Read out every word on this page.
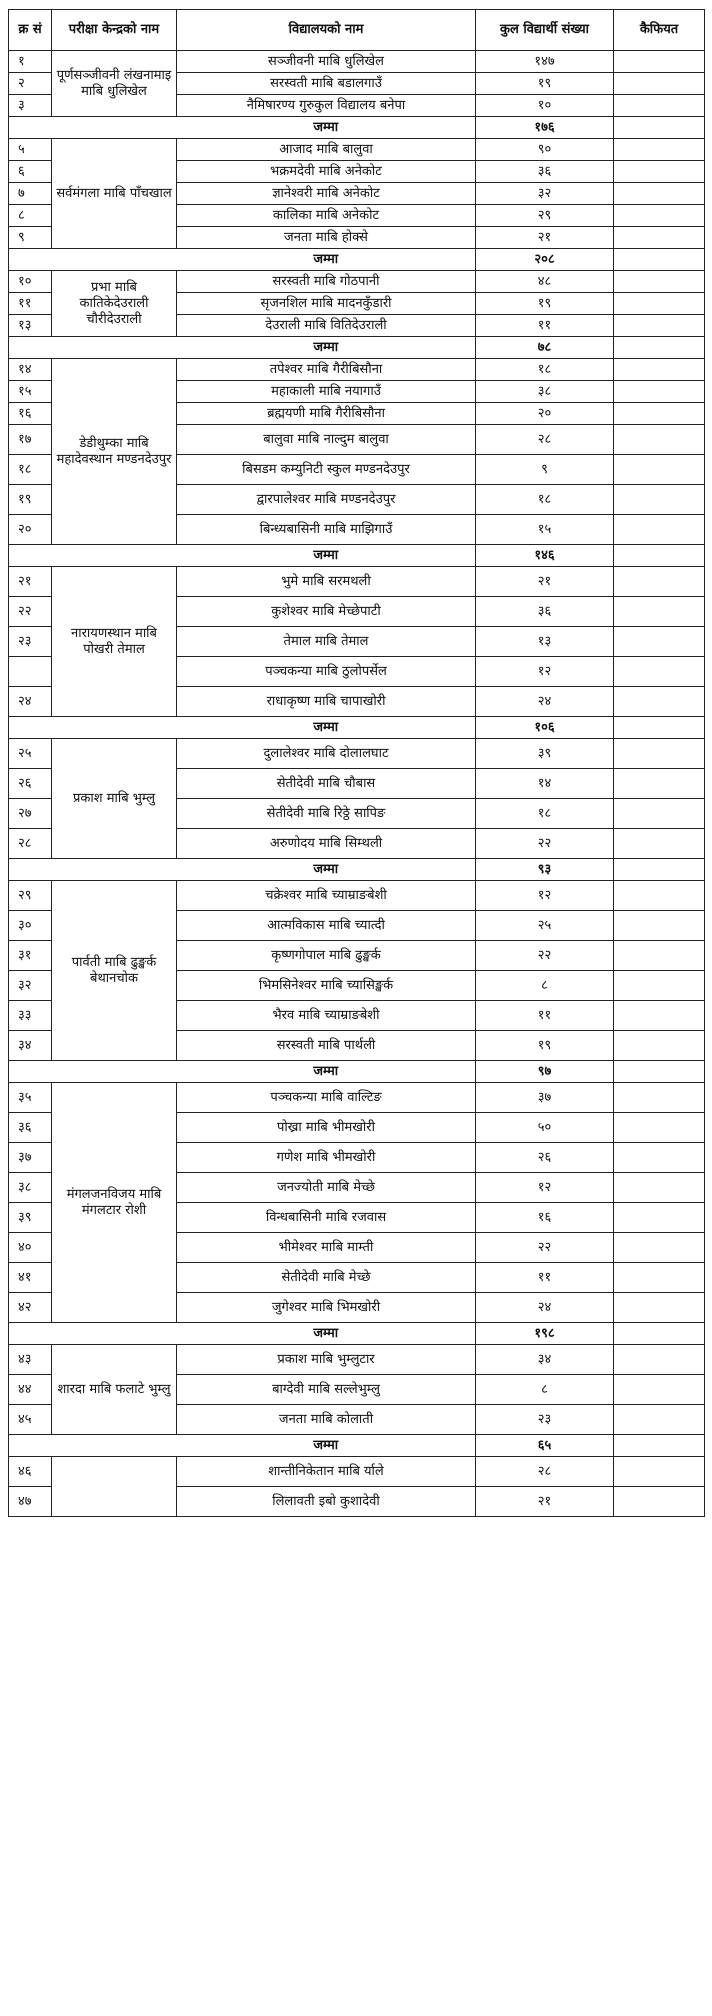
क्र सं	परीक्षा केन्द्रको नाम	विद्यालयको नाम	कुल विद्यार्थी संख्या	कैफियत
१	पूर्णसञ्जीवनी लंखनामाइ माबि धुलिखेल	सञ्जीवनी माबि धुलिखेल	१४७	
२		सरस्वती माबि बडालगाउँ	१९	
३		नैमिषारण्य गुरुकुल विद्यालय बनेपा	१०	
		जम्मा	१७६	
५	सर्वमंगला माबि पाँचखाल	आजाद माबि बालुवा	९०	
६		भक्रमदेवी माबि अनेकोट	३६	
७		ज्ञानेश्वरी माबि अनेकोट	३२	
८		कालिका माबि अनेकोट	२९	
९		जनता माबि होक्से	२१	
		जम्मा	२०८	
१०	प्रभा माबि कातिकेदेउराली चौरीदेउराली	सरस्वती माबि गोठपानी	४८	
११		सृजनशिल माबि मादनकुँडारी	१९	
१३		देउराली माबि वितिदेउराली	११	
		जम्मा	७८	
१४	डेडीथुम्का माबि महादेवस्थान मण्डनदेउपुर	तपेश्वर माबि गैरीबिसौना	१८	
१५		महाकाली माबि नयागाउँ	३८	
१६		ब्रह्मयणी माबि गैरीबिसौना	२०	
१७		बालुवा माबि नाल्दुम बालुवा	२८	
१८		बिसडम कम्युनिटी स्कुल मण्डनदेउपुर	९	
१९		द्वारपालेश्वर माबि मण्डनदेउपुर	१८	
२०		बिन्ध्यबासिनी माबि माझिगाउँ	१५	
		जम्मा	१४६	
२१	नारायणस्थान माबि पोखरी तेमाल	भुमे माबि सरमथली	२१	
२२		कुशेश्वर माबि मेच्छेपाटी	३६	
२३		तेमाल माबि तेमाल	१३	
		पञ्चकन्या माबि ठुलोपर्सेल	१२	
२४		राधाकृष्ण माबि चापाखोरी	२४	
		जम्मा	१०६	
२५	प्रकाश माबि भुम्लु	दुलालेश्वर माबि दोलालघाट	३९	
२६		सेतीदेवी माबि चौबास	१४	
२७		सेतीदेवी माबि रिठ्ठे सापिङ	१८	
२८		अरुणोदय माबि सिम्थली	२२	
		जम्मा	९३	
२९	पार्वती माबि ढुङ्खर्क बेथानचोक	चक्रेश्वर माबि च्याम्राङबेशी	१२	
३०		आत्मविकास माबि च्यात्दी	२५	
३१		कृष्णगोपाल माबि ढुङ्खर्क	२२	
३२		भिमसिनेश्वर माबि च्यासिङ्खर्क	८	
३३		भैरव माबि च्याम्राङबेशी	११	
३४		सरस्वती माबि पार्थली	१९	
		जम्मा	९७	
३५	मंगलजनविजय माबि मंगलटार रोशी	पञ्चकन्या माबि वाल्टिङ	३७	
३६		पोख्रा माबि भीमखोरी	५०	
३७		गणेश माबि भीमखोरी	२६	
३८		जनज्योती माबि मेच्छे	१२	
३९		विन्धबासिनी माबि रजवास	१६	
४०		भीमेश्वर माबि माम्ती	२२	
४१		सेतीदेवी माबि मेच्छे	११	
४२		जुगेश्वर माबि भिमखोरी	२४	
		जम्मा	१९८	
४३	शारदा माबि फलाटे भुम्लु	प्रकाश माबि भुम्लुटार	३४	
४४		बाग्देवी माबि सल्लेभुम्लु	८	
४५		जनता माबि कोलाती	२३	
		जम्मा	६५	
४६		शान्तीनिकेतान माबि र्याले	२८	
४७		लिलावती इबो कुशादेवी	२१	
